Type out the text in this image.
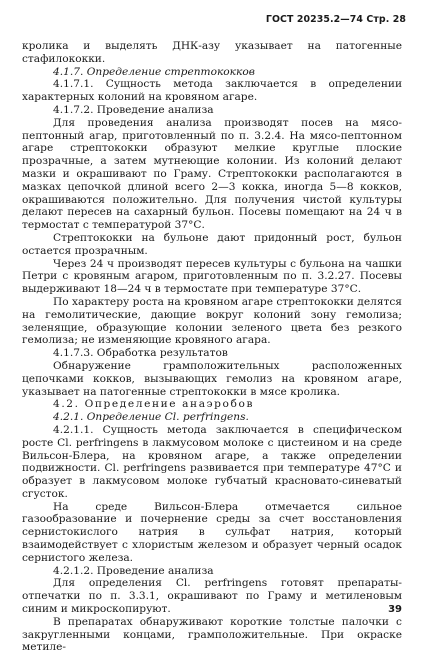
ГОСТ 20235.2—74 Стр. 28

кролика и выделять ДНК-азу указывает на патогенные стафилококки.

4.1.7. Определение стрептококков

4.1.7.1. Сущность метода заключается в определении характерных колоний на кровяном агаре.

4.1.7.2. Проведение анализа

Для проведения анализа производят посев на мясо-пептонный агар, приготовленный по п. 3.2.4. На мясо-пептонном агаре стрептококки образуют мелкие круглые плоские прозрачные, а затем мутнеющие колонии. Из колоний делают мазки и окрашивают по Граму. Стрептококки располагаются в мазках цепочкой длиной всего 2—3 кокка, иногда 5—8 кокков, окрашиваются положительно. Для получения чистой культуры делают пересев на сахарный бульон. Посевы помещают на 24 ч в термостат с температурой 37°С.

Стрептококки на бульоне дают придонный рост, бульон остается прозрачным.

Через 24 ч производят пересев культуры с бульона на чашки Петри с кровяным агаром, приготовленным по п. 3.2.27. Посевы выдерживают 18—24 ч в термостате при температуре 37°С.

По характеру роста на кровяном агаре стрептококки делятся на гемолитические, дающие вокруг колоний зону гемолиза; зеленящие, образующие колонии зеленого цвета без резкого гемолиза; не изменяющие кровяного агара.

4.1.7.3. Обработка результатов

Обнаружение грамположительных расположенных цепочками кокков, вызывающих гемолиз на кровяном агаре, указывает на патогенные стрептококки в мясе кролика.

4.2. Определение анаэробов

4.2.1. Определение Cl. perfringens.

4.2.1.1. Сущность метода заключается в специфическом росте Cl. perfringens в лакмусовом молоке с цистеином и на среде Вильсон-Блера, на кровяном агаре, а также определении подвижности. Cl. perfringens развивается при температуре 47°С и образует в лакмусовом молоке губчатый красновато-синеватый сгусток.

На среде Вильсон-Блера отмечается сильное газообразование и почернение среды за счет восстановления сернистокислого натрия в сульфат натрия, который взаимодействует с хлористым железом и образует черный осадок сернистого железа.

4.2.1.2. Проведение анализа

Для определения Cl. perfringens готовят препараты-отпечатки по п. 3.3.1, окрашивают по Граму и метиленовым синим и микроскопируют.

В препаратах обнаруживают короткие толстые палочки с закругленными концами, грамположительные. При окраске метиле-

39
